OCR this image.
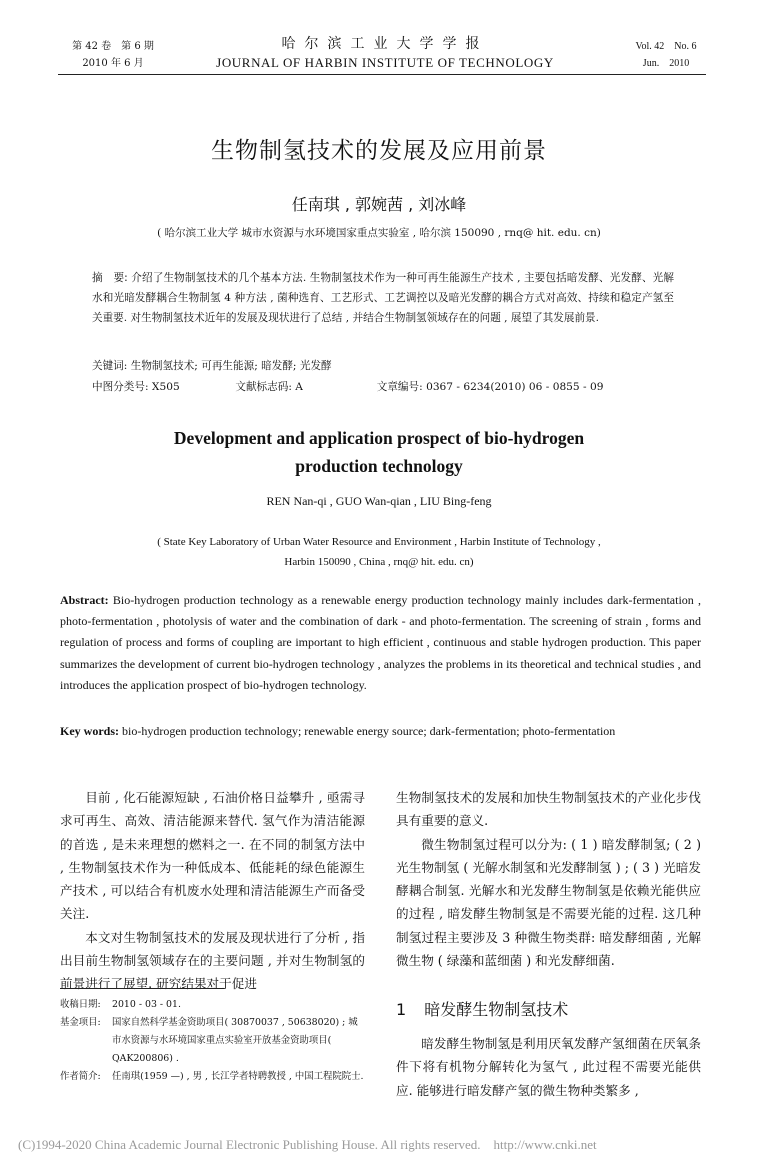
第 42 卷　第 6 期
2010 年 6 月
哈尔滨工业大学学报
JOURNAL OF HARBIN INSTITUTE OF TECHNOLOGY
Vol. 42　No. 6
Jun.　2010
生物制氢技术的发展及应用前景
任南琪 , 郭婉茜 , 刘冰峰
( 哈尔滨工业大学 城市水资源与水环境国家重点实验室 , 哈尔滨 150090 , rnq@ hit. edu. cn)
摘　要: 介绍了生物制氢技术的几个基本方法. 生物制氢技术作为一种可再生能源生产技术 , 主要包括暗发酵、光发酵、光解水和光暗发酵耦合生物制氢 4 种方法 , 菌种选育、工艺形式、工艺调控以及暗光发酵的耦合方式对高效、持续和稳定产氢至关重要. 对生物制氢技术近年的发展及现状进行了总结 , 并结合生物制氢领域存在的问题 , 展望了其发展前景.
关键词: 生物制氢技术; 可再生能源; 暗发酵; 光发酵
中图分类号: X505	文献标志码: A	文章编号: 0367 - 6234(2010) 06 - 0855 - 09
Development and application prospect of bio-hydrogen
production technology
REN Nan-qi , GUO Wan-qian , LIU Bing-feng
( State Key Laboratory of Urban Water Resource and Environment , Harbin Institute of Technology ,
Harbin 150090 , China , rnq@ hit. edu. cn)
Abstract: Bio-hydrogen production technology as a renewable energy production technology mainly includes dark-fermentation , photo-fermentation , photolysis of water and the combination of dark - and photo-fermentation. The screening of strain , forms and regulation of process and forms of coupling are important to high efficient , continuous and stable hydrogen production. This paper summarizes the development of current bio-hydrogen technology , analyzes the problems in its theoretical and technical studies , and introduces the application prospect of bio-hydrogen technology.
Key words: bio-hydrogen production technology; renewable energy source; dark-fermentation; photo-fermentation

目前 , 化石能源短缺 , 石油价格日益攀升 , 亟需寻求可再生、高效、清洁能源来替代. 氢气作为清洁能源的首选 , 是未来理想的燃料之一. 在不同的制氢方法中 , 生物制氢技术作为一种低成本、低能耗的绿色能源生产技术 , 可以结合有机废水处理和清洁能源生产而备受关注.

本文对生物制氢技术的发展及现状进行了分析 , 指出目前生物制氢领域存在的主要问题 , 并对生物制氢的前景进行了展望. 研究结果对于促进

收稿日期:	2010 - 03 - 01.
基金项目:	国家自然科学基金资助项目( 30870037 , 50638020) ; 城市水资源与水环境国家重点实验室开放基金资助项目( QAK200806) .
作者简介:	任南琪(1959 —) , 男 , 长江学者特聘教授 , 中国工程院院士.

生物制氢技术的发展和加快生物制氢技术的产业化步伐具有重要的意义.

微生物制氢过程可以分为: ( 1 ) 暗发酵制氢; ( 2 ) 光生物制氢 ( 光解水制氢和光发酵制氢 ) ; ( 3 ) 光暗发酵耦合制氢. 光解水和光发酵生物制氢是依赖光能供应的过程 , 暗发酵生物制氢是不需要光能的过程. 这几种制氢过程主要涉及 3 种微生物类群: 暗发酵细菌 , 光解微生物 ( 绿藻和蓝细菌 ) 和光发酵细菌.

1 暗发酵生物制氢技术

暗发酵生物制氢是利用厌氧发酵产氢细菌在厌氧条件下将有机物分解转化为氢气 , 此过程不需要光能供应. 能够进行暗发酵产氢的微生物种类繁多 ,

(C)1994-2020 China Academic Journal Electronic Publishing House. All rights reserved.　http://www.cnki.net
